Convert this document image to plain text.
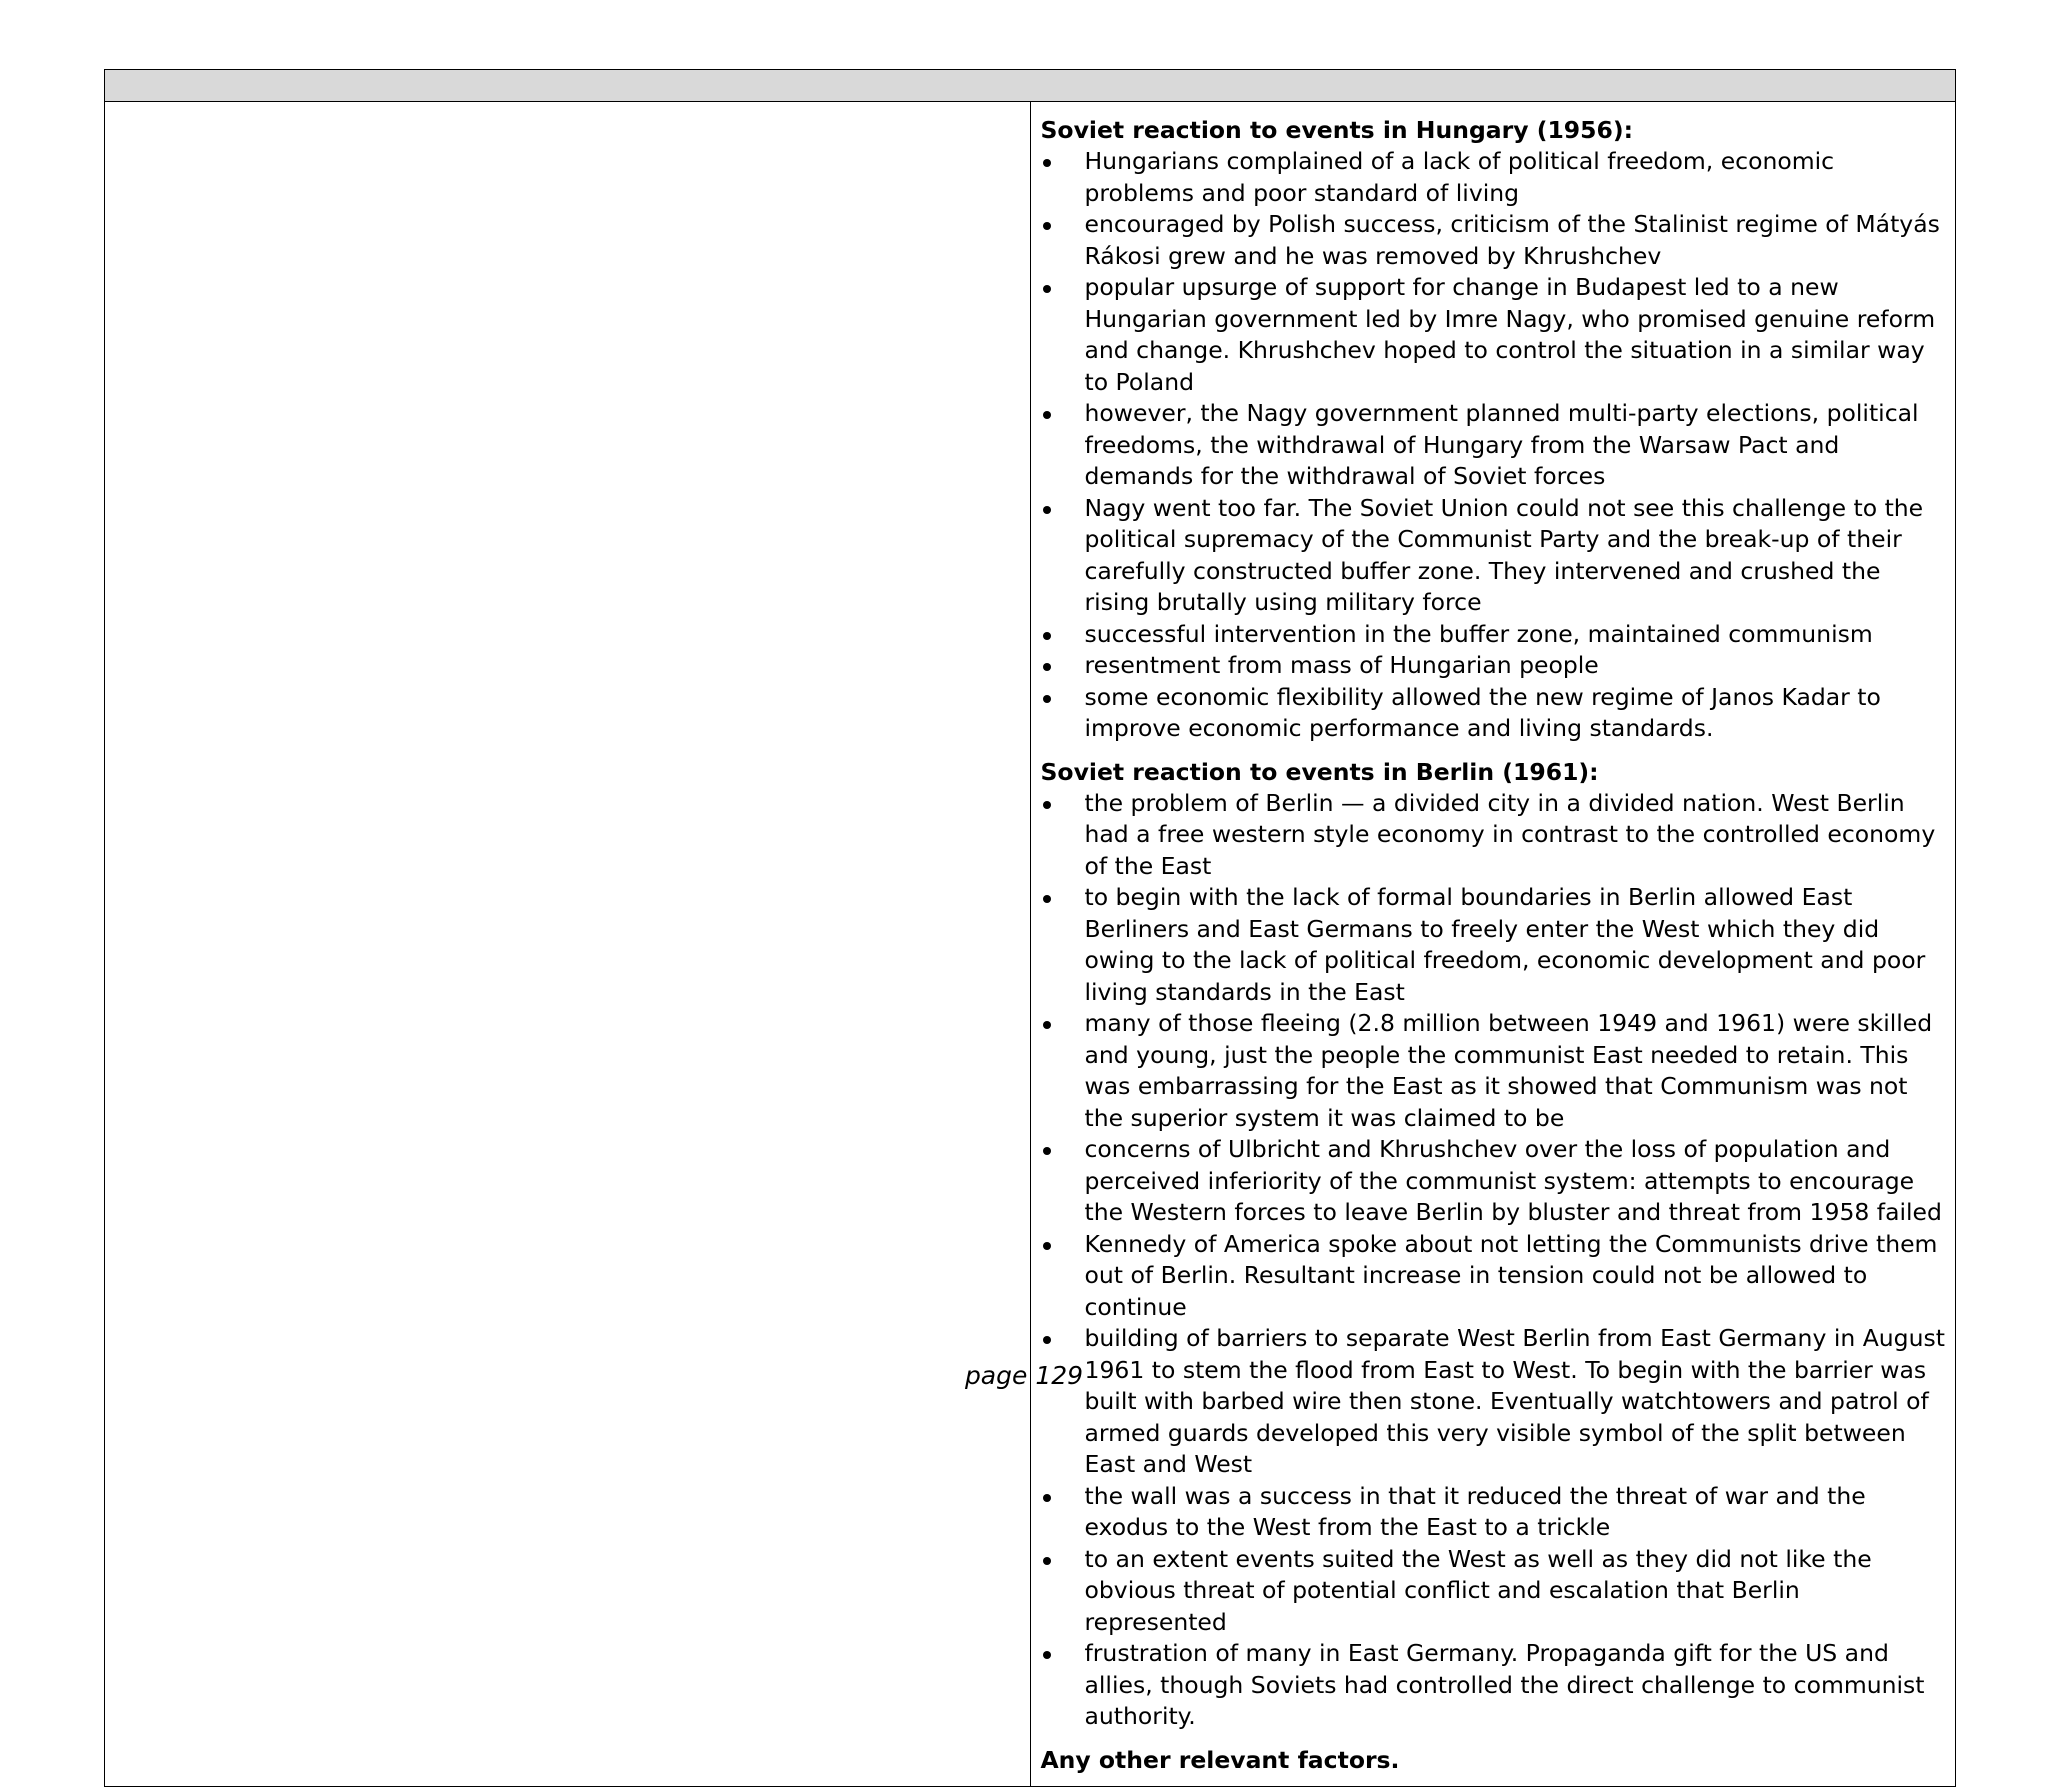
Soviet reaction to events in Hungary (1956):

Hungarians complained of a lack of political freedom, economic problems and poor standard of living
encouraged by Polish success, criticism of the Stalinist regime of Mátyás Rákosi grew and he was removed by Khrushchev
popular upsurge of support for change in Budapest led to a new Hungarian government led by Imre Nagy, who promised genuine reform and change. Khrushchev hoped to control the situation in a similar way to Poland
however, the Nagy government planned multi-party elections, political freedoms, the withdrawal of Hungary from the Warsaw Pact and demands for the withdrawal of Soviet forces
Nagy went too far. The Soviet Union could not see this challenge to the political supremacy of the Communist Party and the break-up of their carefully constructed buffer zone. They intervened and crushed the rising brutally using military force
successful intervention in the buffer zone, maintained communism
resentment from mass of Hungarian people
some economic flexibility allowed the new regime of Janos Kadar to improve economic performance and living standards.

Soviet reaction to events in Berlin (1961):

the problem of Berlin — a divided city in a divided nation. West Berlin had a free western style economy in contrast to the controlled economy of the East
to begin with the lack of formal boundaries in Berlin allowed East Berliners and East Germans to freely enter the West which they did owing to the lack of political freedom, economic development and poor living standards in the East
many of those fleeing (2.8 million between 1949 and 1961) were skilled and young, just the people the communist East needed to retain. This was embarrassing for the East as it showed that Communism was not the superior system it was claimed to be
concerns of Ulbricht and Khrushchev over the loss of population and perceived inferiority of the communist system: attempts to encourage the Western forces to leave Berlin by bluster and threat from 1958 failed
Kennedy of America spoke about not letting the Communists drive them out of Berlin. Resultant increase in tension could not be allowed to continue
building of barriers to separate West Berlin from East Germany in August 1961 to stem the flood from East to West. To begin with the barrier was built with barbed wire then stone. Eventually watchtowers and patrol of armed guards developed this very visible symbol of the split between East and West
the wall was a success in that it reduced the threat of war and the exodus to the West from the East to a trickle
to an extent events suited the West as well as they did not like the obvious threat of potential conflict and escalation that Berlin represented
frustration of many in East Germany. Propaganda gift for the US and allies, though Soviets had controlled the direct challenge to communist authority.

Any other relevant factors.

page 129
